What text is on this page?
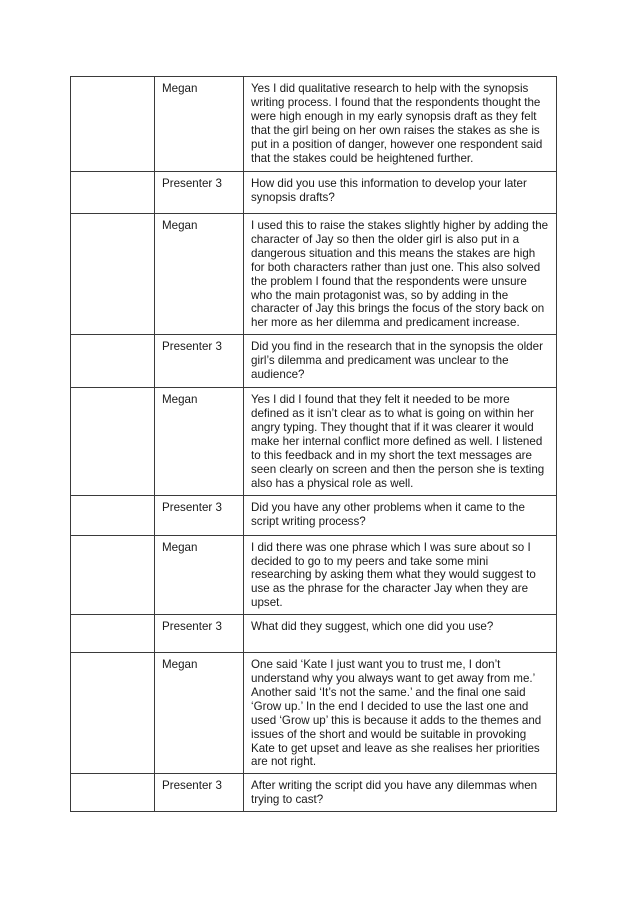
	Megan	Yes I did qualitative research to help with the synopsis writing process. I found that the respondents thought the were high enough in my early synopsis draft as they felt that the girl being on her own raises the stakes as she is put in a position of danger, however one respondent said that the stakes could be heightened further.
	Presenter 3	How did you use this information to develop your later synopsis drafts?
	Megan	I used this to raise the stakes slightly higher by adding the character of Jay so then the older girl is also put in a dangerous situation and this means the stakes are high for both characters rather than just one. This also solved the problem I found that the respondents were unsure who the main protagonist was, so by adding in the character of Jay this brings the focus of the story back on her more as her dilemma and predicament increase.
	Presenter 3	Did you find in the research that in the synopsis the older girl’s dilemma and predicament was unclear to the audience?
	Megan	Yes I did I found that they felt it needed to be more defined as it isn’t clear as to what is going on within her angry typing. They thought that if it was clearer it would make her internal conflict more defined as well. I listened to this feedback and in my short the text messages are seen clearly on screen and then the person she is texting also has a physical role as well.
	Presenter 3	Did you have any other problems when it came to the script writing process?
	Megan	I did there was one phrase which I was sure about so I decided to go to my peers and take some mini researching by asking them what they would suggest to use as the phrase for the character Jay when they are upset.
	Presenter 3	What did they suggest, which one did you use?
	Megan	One said ‘Kate I just want you to trust me, I don’t understand why you always want to get away from me.’ Another said ‘It’s not the same.’ and the final one said ‘Grow up.’ In the end I decided to use the last one and used ‘Grow up’ this is because it adds to the themes and issues of the short and would be suitable in provoking Kate to get upset and leave as she realises her priorities are not right.
	Presenter 3	After writing the script did you have any dilemmas when trying to cast?
